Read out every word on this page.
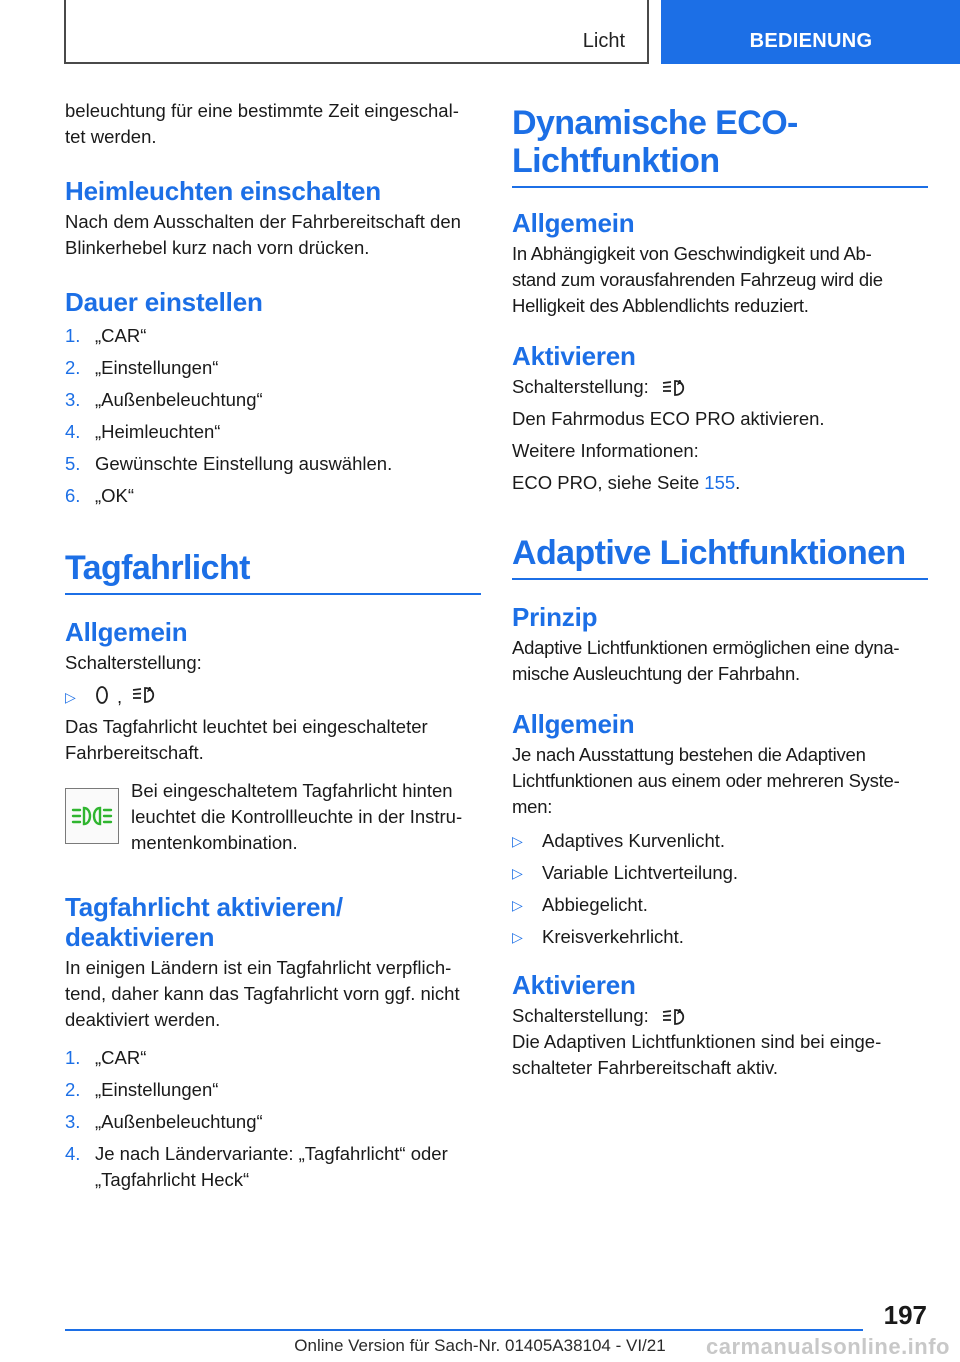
Licht	BEDIENUNG

beleuchtung für eine bestimmte Zeit eingeschal-

tet werden.

Heimleuchten einschalten

Nach dem Ausschalten der Fahrbereitschaft den

Blinkerhebel kurz nach vorn drücken.

Dauer einstellen
1. „CAR“
2. „Einstellungen“
3. „Außenbeleuchtung“
4. „Heimleuchten“
5. Gewünschte Einstellung auswählen.
6. „OK“
Tagfahrlicht
Allgemein

Schalterstellung:

▷	,	A

Das Tagfahrlicht leuchtet bei eingeschalteter

Fahrbereitschaft.

Bei eingeschaltetem Tagfahrlicht hinten

leuchtet die Kontrollleuchte in der Instru-

mentenkombination.

Tagfahrlicht aktivieren/
deaktivieren

In einigen Ländern ist ein Tagfahrlicht verpflich-

tend, daher kann das Tagfahrlicht vorn ggf. nicht

deaktiviert werden.

1. „CAR“
2. „Einstellungen“
3. „Außenbeleuchtung“
4. Je nach Ländervariante: „Tagfahrlicht“ oder
„Tagfahrlicht Heck“
Dynamische ECO-
Lichtfunktion
Allgemein

In Abhängigkeit von Geschwindigkeit und Ab-

stand zum vorausfahrenden Fahrzeug wird die

Helligkeit des Abblendlichts reduziert.

Aktivieren

Schalterstellung:	A

Den Fahrmodus ECO PRO aktivieren.

Weitere Informationen:

ECO PRO, siehe Seite 155.

Adaptive Lichtfunktionen
Prinzip

Adaptive Lichtfunktionen ermöglichen eine dyna-

mische Ausleuchtung der Fahrbahn.

Allgemein

Je nach Ausstattung bestehen die Adaptiven

Lichtfunktionen aus einem oder mehreren Syste-

men:

▷	Adaptives Kurvenlicht.
▷	Variable Lichtverteilung.
▷	Abbiegelicht.
▷	Kreisverkehrlicht.
Aktivieren

Schalterstellung:	A

Die Adaptiven Lichtfunktionen sind bei einge-

schalteter Fahrbereitschaft aktiv.

197
Online Version für Sach-Nr. 01405A38104 - VI/21	carmanualsonline.info
